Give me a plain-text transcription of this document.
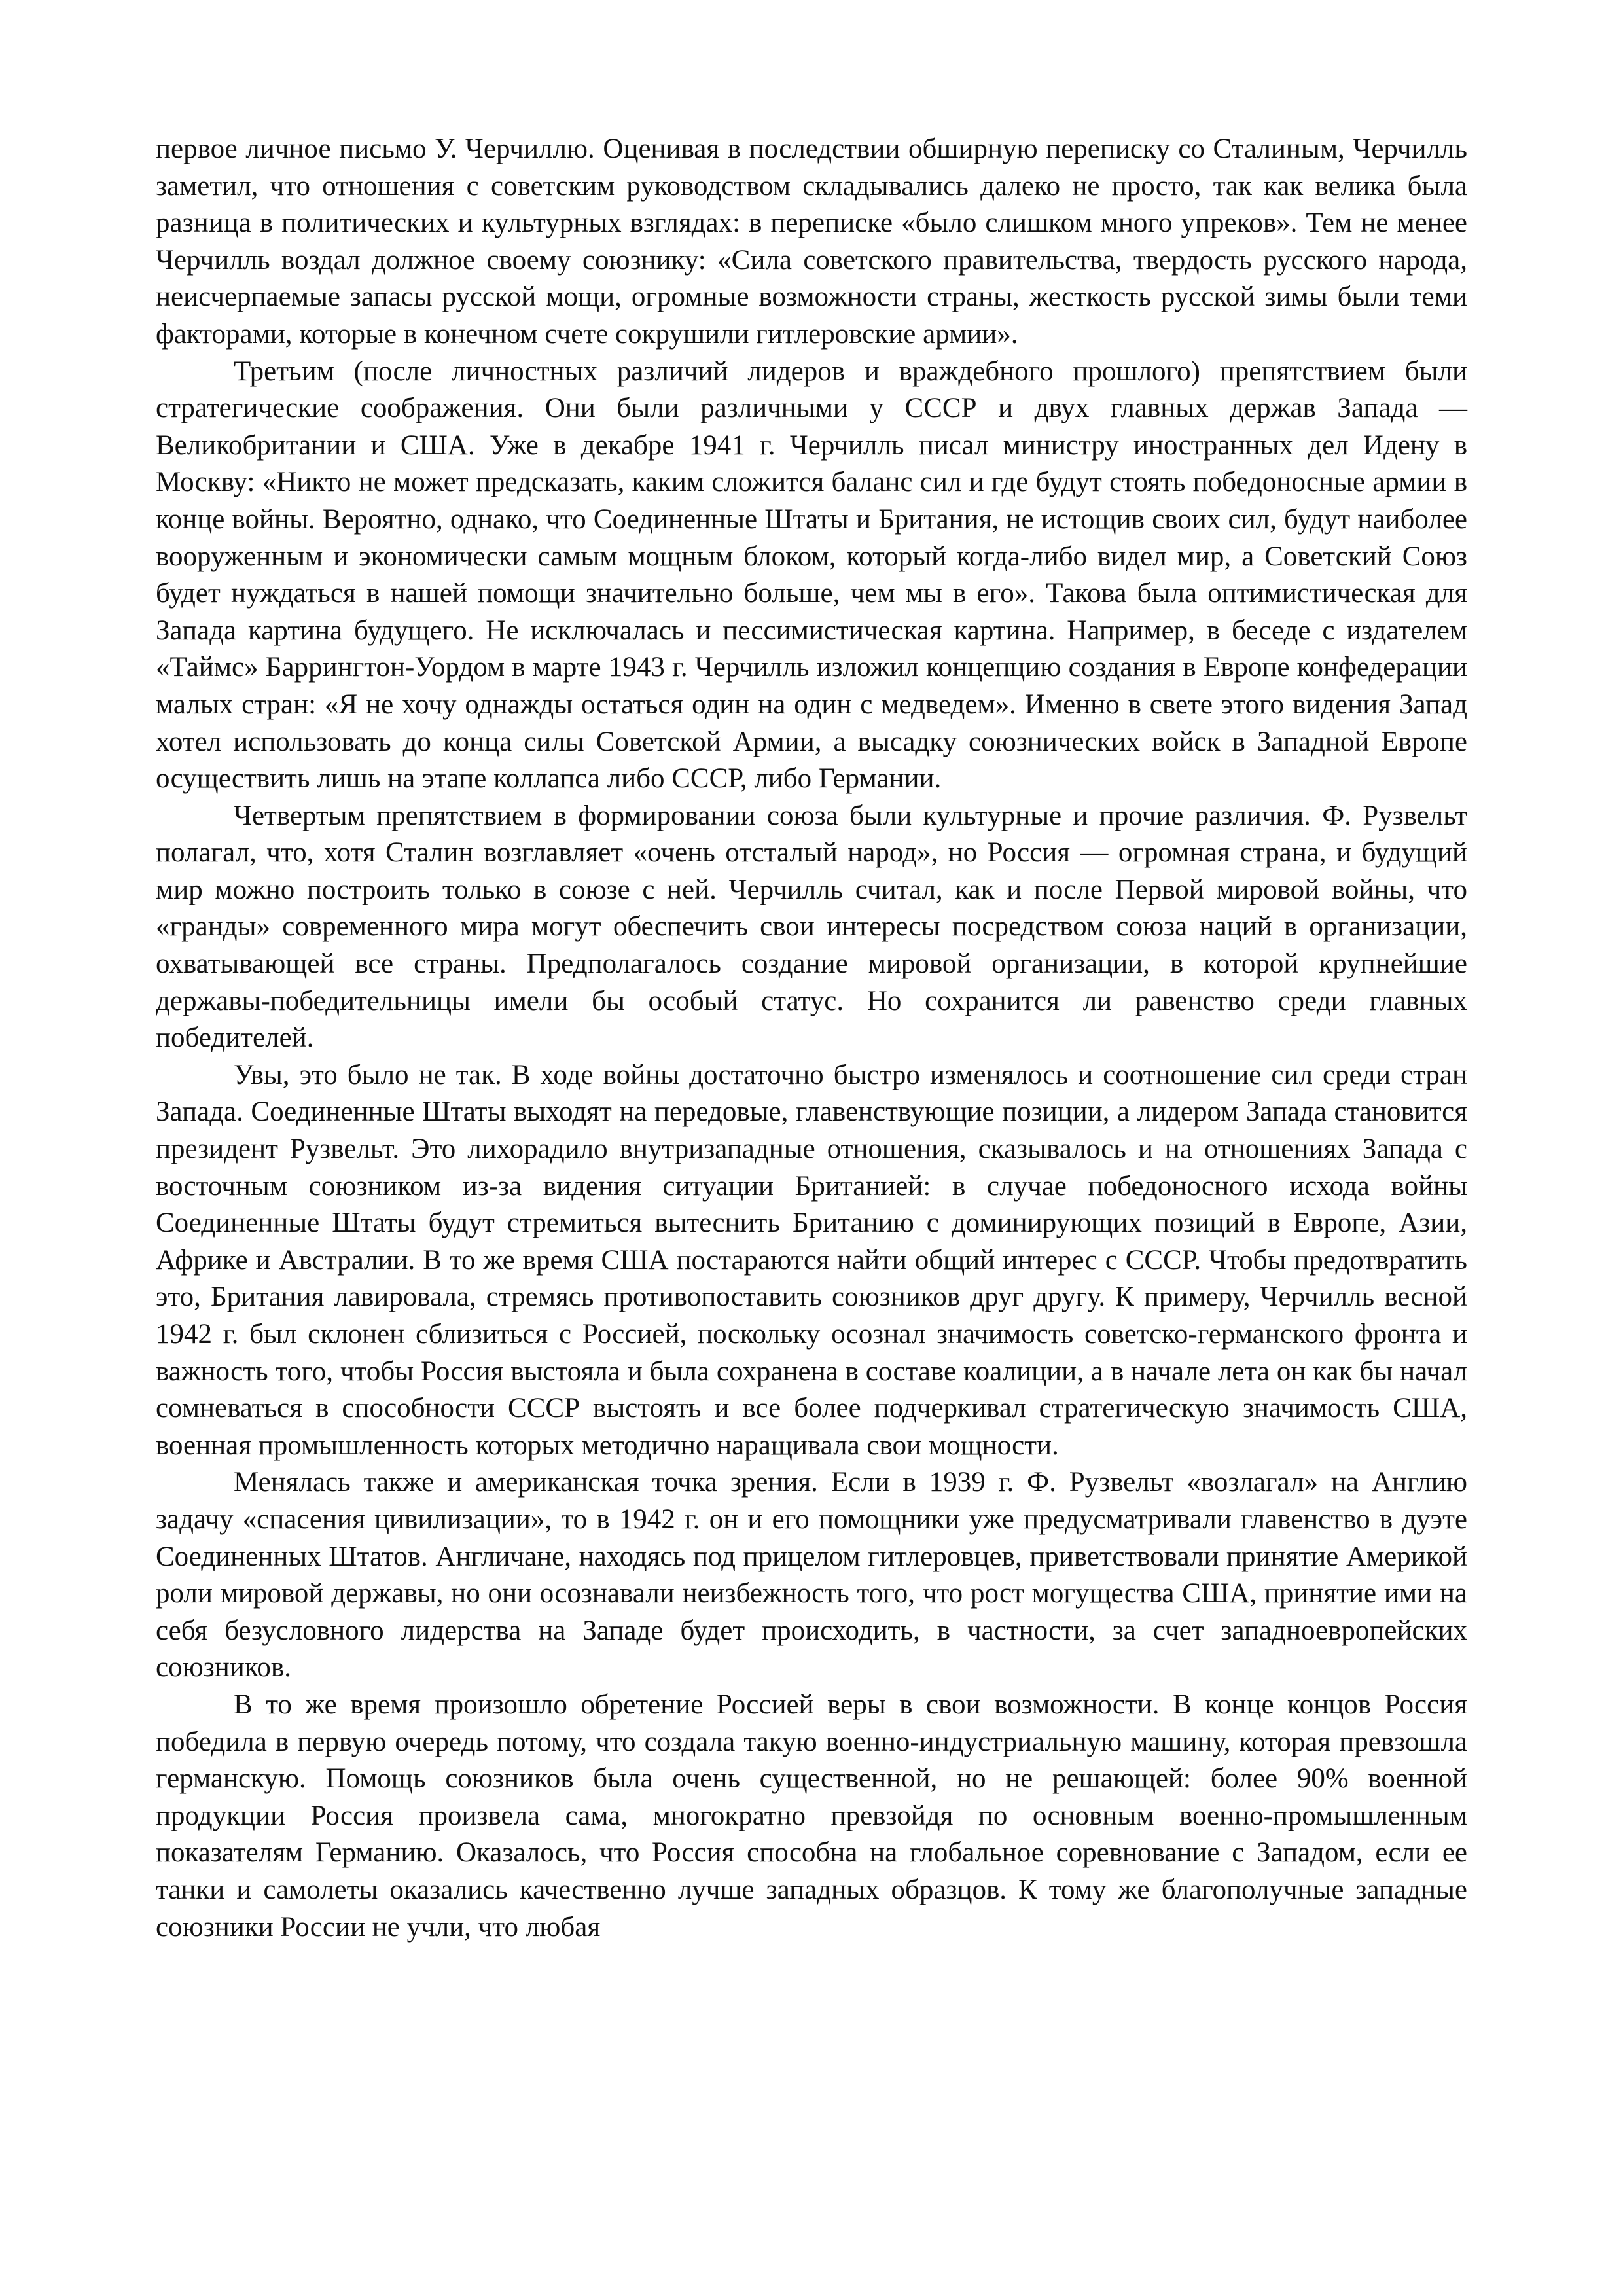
первое личное письмо У. Черчиллю. Оценивая в последствии обширную переписку со Сталиным, Черчилль заметил, что отношения с советским руководством складывались далеко не просто, так как велика была разница в политических и культурных взглядах: в переписке «было слишком много упреков». Тем не менее Черчилль воздал должное своему союзнику: «Сила советского правительства, твердость русского народа, неисчерпаемые запасы русской мощи, огромные возможности страны, жесткость русской зимы были теми факторами, которые в конечном счете сокрушили гитлеровские армии».

Третьим (после личностных различий лидеров и враждебного прошлого) препятствием были стратегические соображения. Они были различными у СССР и двух главных держав Запада — Великобритании и США. Уже в декабре 1941 г. Черчилль писал министру иностранных дел Идену в Москву: «Никто не может предсказать, каким сложится баланс сил и где будут стоять победоносные армии в конце войны. Вероятно, однако, что Соединенные Штаты и Британия, не истощив своих сил, будут наиболее вооруженным и экономически самым мощным блоком, который когда-либо видел мир, а Советский Союз будет нуждаться в нашей помощи значительно больше, чем мы в его». Такова была оптимистическая для Запада картина будущего. Не исключалась и пессимистическая картина. Например, в беседе с издателем «Таймс» Баррингтон-Уордом в марте 1943 г. Черчилль изложил концепцию создания в Европе конфедерации малых стран: «Я не хочу однажды остаться один на один с медведем». Именно в свете этого видения Запад хотел использовать до конца силы Советской Армии, а высадку союзнических войск в Западной Европе осуществить лишь на этапе коллапса либо СССР, либо Германии.

Четвертым препятствием в формировании союза были культурные и прочие различия. Ф. Рузвельт полагал, что, хотя Сталин возглавляет «очень отсталый народ», но Россия — огромная страна, и будущий мир можно построить только в союзе с ней. Черчилль считал, как и после Первой мировой войны, что «гранды» современного мира могут обеспечить свои интересы посредством союза наций в организации, охватывающей все страны. Предполагалось создание мировой организации, в которой крупнейшие державы-победительницы имели бы особый статус. Но сохранится ли равенство среди главных победителей.

Увы, это было не так. В ходе войны достаточно быстро изменялось и соотношение сил среди стран Запада. Соединенные Штаты выходят на передовые, главенствующие позиции, а лидером Запада становится президент Рузвельт. Это лихорадило внутризападные отношения, сказывалось и на отношениях Запада с восточным союзником из-за видения ситуации Британией: в случае победоносного исхода войны Соединенные Штаты будут стремиться вытеснить Британию с доминирующих позиций в Европе, Азии, Африке и Австралии. В то же время США постараются найти общий интерес с СССР. Чтобы предотвратить это, Британия лавировала, стремясь противопоставить союзников друг другу. К примеру, Черчилль весной 1942 г. был склонен сблизиться с Россией, поскольку осознал значимость советско-германского фронта и важность того, чтобы Россия выстояла и была сохранена в составе коалиции, а в начале лета он как бы начал сомневаться в способности СССР выстоять и все более подчеркивал стратегическую значимость США, военная промышленность которых методично наращивала свои мощности.

Менялась также и американская точка зрения. Если в 1939 г. Ф. Рузвельт «возлагал» на Англию задачу «спасения цивилизации», то в 1942 г. он и его помощники уже предусматривали главенство в дуэте Соединенных Штатов. Англичане, находясь под прицелом гитлеровцев, приветствовали принятие Америкой роли мировой державы, но они осознавали неизбежность того, что рост могущества США, принятие ими на себя безусловного лидерства на Западе будет происходить, в частности, за счет западноевропейских союзников.

В то же время произошло обретение Россией веры в свои возможности. В конце концов Россия победила в первую очередь потому, что создала такую военно-индустриальную машину, которая превзошла германскую. Помощь союзников была очень существенной, но не решающей: более 90% военной продукции Россия произвела сама, многократно превзойдя по основным военно-промышленным показателям Германию. Оказалось, что Россия способна на глобальное соревнование с Западом, если ее танки и самолеты оказались качественно лучше западных образцов. К тому же благополучные западные союзники России не учли, что любая
